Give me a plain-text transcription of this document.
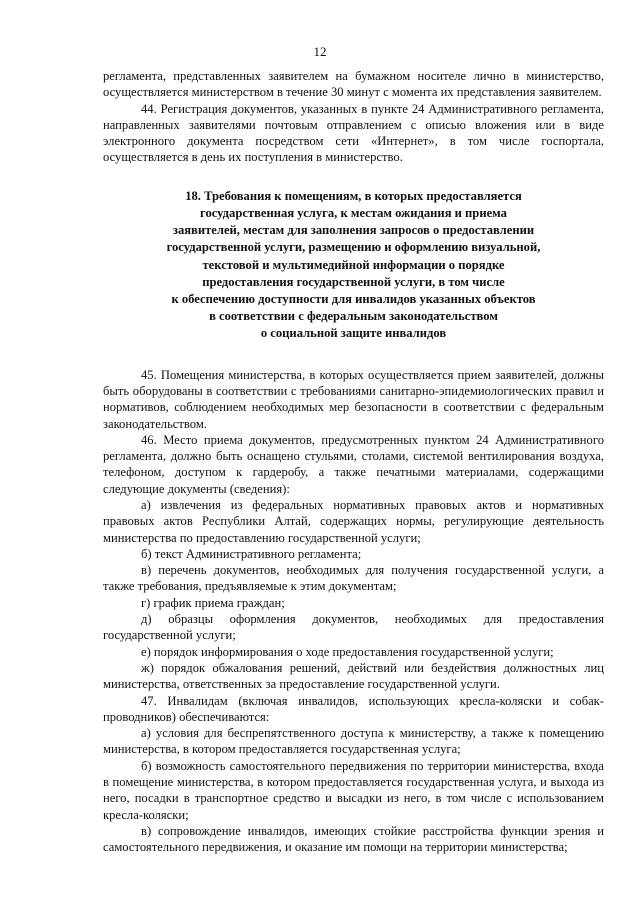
12

регламента, представленных заявителем на бумажном носителе лично в министерство, осуществляется министерством в течение 30 минут с момента их представления заявителем.

44. Регистрация документов, указанных в пункте 24 Административного регламента, направленных заявителями почтовым отправлением с описью вложения или в виде электронного документа посредством сети «Интернет», в том числе госпортала, осуществляется в день их поступления в министерство.

18. Требования к помещениям, в которых предоставляется
государственная услуга, к местам ожидания и приема
заявителей, местам для заполнения запросов о предоставлении
государственной услуги, размещению и оформлению визуальной,
текстовой и мультимедийной информации о порядке
предоставления государственной услуги, в том числе
к обеспечению доступности для инвалидов указанных объектов
в соответствии с федеральным законодательством
о социальной защите инвалидов

45. Помещения министерства, в которых осуществляется прием заявителей, должны быть оборудованы в соответствии с требованиями санитарно-эпидемиологических правил и нормативов, соблюдением необходимых мер безопасности в соответствии с федеральным законодательством.

46. Место приема документов, предусмотренных пунктом 24 Административного регламента, должно быть оснащено стульями, столами, системой вентилирования воздуха, телефоном, доступом к гардеробу, а также печатными материалами, содержащими следующие документы (сведения):

а) извлечения из федеральных нормативных правовых актов и нормативных правовых актов Республики Алтай, содержащих нормы, регулирующие деятельность министерства по предоставлению государственной услуги;

б) текст Административного регламента;

в) перечень документов, необходимых для получения государственной услуги, а также требования, предъявляемые к этим документам;

г) график приема граждан;

д) образцы оформления документов, необходимых для предоставления государственной услуги;

е) порядок информирования о ходе предоставления государственной услуги;

ж) порядок обжалования решений, действий или бездействия должностных лиц министерства, ответственных за предоставление государственной услуги.

47. Инвалидам (включая инвалидов, использующих кресла-коляски и собак-проводников) обеспечиваются:

а) условия для беспрепятственного доступа к министерству, а также к помещению министерства, в котором предоставляется государственная услуга;

б) возможность самостоятельного передвижения по территории министерства, входа в помещение министерства, в котором предоставляется государственная услуга, и выхода из него, посадки в транспортное средство и высадки из него, в том числе с использованием кресла-коляски;

в) сопровождение инвалидов, имеющих стойкие расстройства функции зрения и самостоятельного передвижения, и оказание им помощи на территории министерства;
